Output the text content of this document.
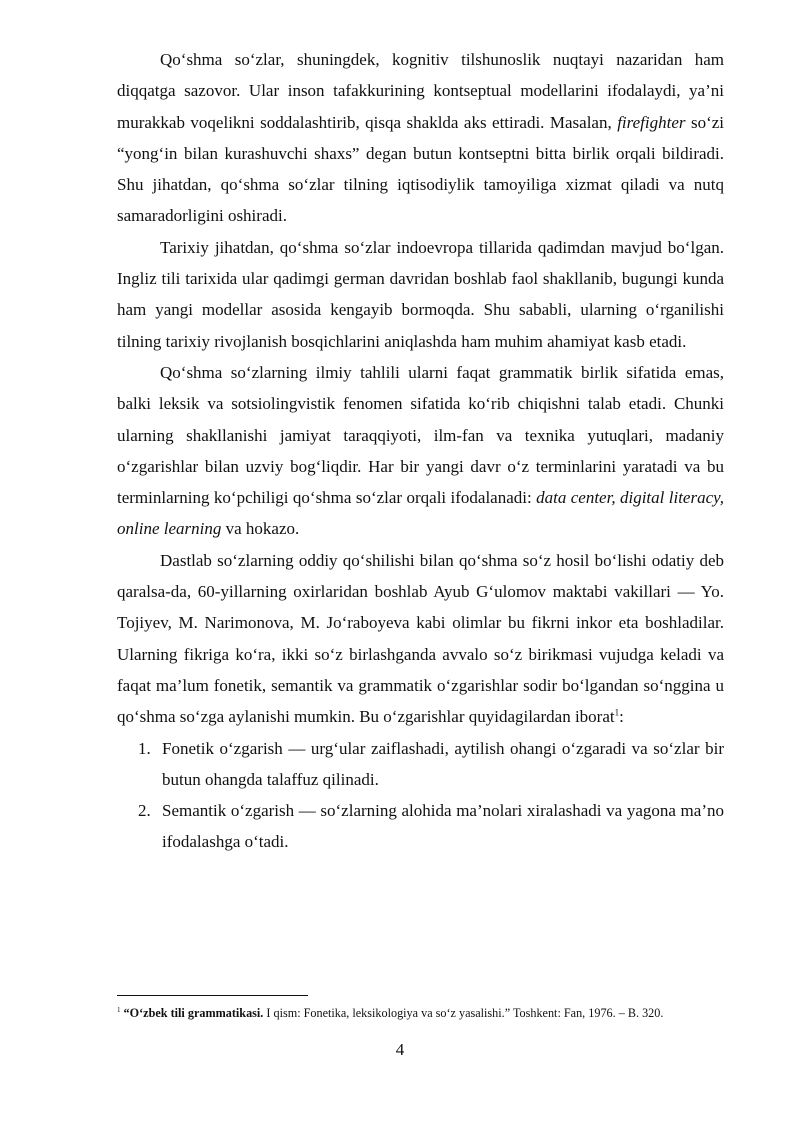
Qo‘shma so‘zlar, shuningdek, kognitiv tilshunoslik nuqtayi nazaridan ham diqqatga sazovor. Ular inson tafakkurining kontseptual modellarini ifodalaydi, ya’ni murakkab voqelikni soddalashtirib, qisqa shaklda aks ettiradi. Masalan, firefighter so‘zi “yong‘in bilan kurashuvchi shaxs” degan butun kontseptni bitta birlik orqali bildiradi. Shu jihatdan, qo‘shma so‘zlar tilning iqtisodiylik tamoyiliga xizmat qiladi va nutq samaradorligini oshiradi.

Tarixiy jihatdan, qo‘shma so‘zlar indoevropa tillarida qadimdan mavjud bo‘lgan. Ingliz tili tarixida ular qadimgi german davridan boshlab faol shakllanib, bugungi kunda ham yangi modellar asosida kengayib bormoqda. Shu sababli, ularning o‘rganilishi tilning tarixiy rivojlanish bosqichlarini aniqlashda ham muhim ahamiyat kasb etadi.

Qo‘shma so‘zlarning ilmiy tahlili ularni faqat grammatik birlik sifatida emas, balki leksik va sotsiolingvistik fenomen sifatida ko‘rib chiqishni talab etadi. Chunki ularning shakllanishi jamiyat taraqqiyoti, ilm-fan va texnika yutuqlari, madaniy o‘zgarishlar bilan uzviy bog‘liqdir. Har bir yangi davr o‘z terminlarini yaratadi va bu terminlarning ko‘pchiligi qo‘shma so‘zlar orqali ifodalanadi: data center, digital literacy, online learning va hokazo.

Dastlab so‘zlarning oddiy qo‘shilishi bilan qo‘shma so‘z hosil bo‘lishi odatiy deb qaralsa-da, 60-yillarning oxirlaridan boshlab Ayub G‘ulomov maktabi vakillari — Yo. Tojiyev, M. Narimonova, M. Jo‘raboyeva kabi olimlar bu fikrni inkor eta boshladilar. Ularning fikriga ko‘ra, ikki so‘z birlashganda avvalo so‘z birikmasi vujudga keladi va faqat ma’lum fonetik, semantik va grammatik o‘zgarishlar sodir bo‘lgandan so‘nggina u qo‘shma so‘zga aylanishi mumkin. Bu o‘zgarishlar quyidagilardan iborat$^1$:

1. Fonetik o‘zgarish — urg‘ular zaiflashadi, aytilish ohangi o‘zgaradi va so‘zlar bir butun ohangda talaffuz qilinadi.
2. Semantik o‘zgarish — so‘zlarning alohida ma’nolari xiralashadi va yagona ma’no ifodalashga o‘tadi.
$^1$ “O‘zbek tili grammatikasi. I qism: Fonetika, leksikologiya va so‘z yasalishi.” Toshkent: Fan, 1976. – B. 320.
4
